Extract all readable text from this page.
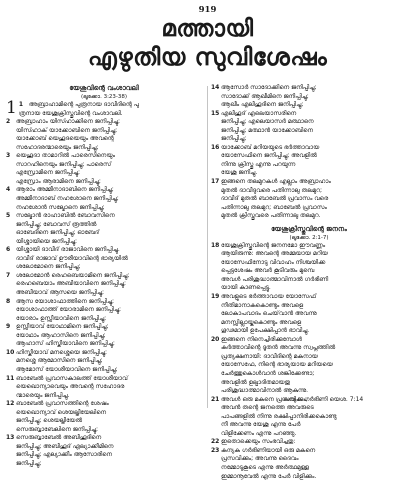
919
മത്തായി
എഴുതിയ സുവിശേഷം
യേശുവിന്റെ വംശാവലി
(ലൂക്കോ. 3:23-38)
1 1 അബ്രാഹാമിന്റെ പുത്രനായ ദാവീദിന്റെ പു
ത്രനായ യേശുക്രിസ്തുവിന്റെ വംശാവലി.
2 അബ്രാഹാം യിസ്ഹാക്കിനെ ജനിപ്പിച്ചു;
യിസ്ഹാക് യാക്കോബിനെ ജനിപ്പിച്ചു;
യാക്കോബ് യെഹൂദയെയും അവന്റെ
സഹോദരന്മാരെയും ജനിപ്പിച്ചു;
3 യെഹൂദാ താമാറിൽ പാരെസിനെയും
സാറഹിനെയും ജനിപ്പിച്ചു; പാരെസ്
എസ്രോമിനെ ജനിപ്പിച്ചു;
എസ്രോം ആരാമിനെ ജനിപ്പിച്ചു;
4 ആരാം അമ്മീനാദാബിനെ ജനിപ്പിച്ചു;
അമ്മീനാദാബ് നഹശോനെ ജനിപ്പിച്ചു;
നഹശോൻ സല്മോനെ ജനിപ്പിച്ചു;
5 സല്മോൻ രാഹാബിൽ ബോവസിനെ
ജനിപ്പിച്ചു; ബോവസ് രൂത്തിൽ
ഓബേദിനെ ജനിപ്പിച്ചു; ഓബേദ്
യിശ്ശായിയെ ജനിപ്പിച്ചു;
6 യിശ്ശായി ദാവീദ് രാജാവിനെ ജനിപ്പിച്ചു.
ദാവീദ് രാജാവ് ഊരീയാവിന്റെ ഭാര്യയിൽ
ശലോമോനെ ജനിപ്പിച്ചു;
7 ശലോമോൻ രെഹബെയാമിനെ ജനിപ്പിച്ചു;
രെഹബെയാം അബീയാവിനെ ജനിപ്പിച്ചു;
അബീയാവ് ആസയെ ജനിപ്പിച്ചു;
8 ആസ യോശാഫാത്തിനെ ജനിപ്പിച്ചു;
യോശാഫാത്ത് യോരാമിനെ ജനിപ്പിച്ചു;
യോരാം ഉസ്സീയാവിനെ ജനിപ്പിച്ചു;
9 ഉസ്സീയാവ് യോഥാമിനെ ജനിപ്പിച്ചു;
യോഥാം ആഹാസിനെ ജനിപ്പിച്ചു;
ആഹാസ് ഹിസ്കീയാവിനെ ജനിപ്പിച്ചു;
10 ഹിസ്കീയാവ് മനശ്ശെയെ ജനിപ്പിച്ചു;
മനശ്ശെ ആമോസിനെ ജനിപ്പിച്ചു;
ആമോസ് യോശീയാവിനെ ജനിപ്പിച്ചു;
11 ബാബേൽ പ്രവാസകാലത്ത് യോശീയാവ്
യെഖൊന്യാവെയും അവന്റെ സഹോദര
ന്മാരെയും ജനിപ്പിച്ചു.
12 ബാബേൽ പ്രവാസത്തിന്റെ ശേഷം
യെഖൊന്യാവ് ശെയല്തീയേലിനെ
ജനിപ്പിച്ചു; ശെയല്തീയേൽ
സെരുബ്ബാബേലിനെ ജനിപ്പിച്ചു;
13 സെരുബ്ബാബേൽ അബീഹൂദിനെ
ജനിപ്പിച്ചു; അബീഹൂദ് എല്യാക്കീമിനെ
ജനിപ്പിച്ചു; എല്യാക്കീം ആസോരിനെ
ജനിപ്പിച്ചു;
14 ആസോർ സാദോക്കിനെ ജനിപ്പിച്ചു;
സാദോക്ക് ആഖീമിനെ ജനിപ്പിച്ചു;
ആഖീം എലീഹൂദിനെ ജനിപ്പിച്ചു;
15 എലീഹൂദ് എലെയാസരിനെ
ജനിപ്പിച്ചു; എലെയാസർ മത്ഥാനെ
ജനിപ്പിച്ചു; മത്ഥാൻ യാക്കോബിനെ
ജനിപ്പിച്ചു;
16 യാക്കോബ് മറിയയുടെ ഭർത്താവായ
യോസേഫിനെ ജനിപ്പിച്ചു; അവളിൽ
നിന്നു ക്രിസ്തു എന്നു പറയുന്ന
യേശു ജനിച്ചു.
17 ഇങ്ങനെ തലമുറകൾ എല്ലാം അബ്രാഹാം
മുതൽ ദാവീദുവരെ പതിന്നാലു തലമുറ;
ദാവീദ് മുതൽ ബാബേൽ പ്രവാസം വരെ
പതിന്നാലു തലമുറ; ബാബേൽ പ്രവാസം
മുതൽ ക്രിസ്തുവരെ പതിന്നാലു തലമുറ.
യേശുക്രിസ്തുവിന്റെ ജനനം
(ലൂക്കോ. 2:1-7)
18 യേശുക്രിസ്തുവിന്റെ ജനനമോ ഈവണ്ണം
ആയിരുന്നു: അവന്റെ അമ്മയായ മറിയ
യോസേഫിനോടു വിവാഹം നിശ്ചയിക്ക
പ്പെട്ടശേഷം അവർ കൂടിവരും മുമ്പെ
അവൾ പരിശുദ്ധാത്മാവിനാൽ ഗർഭിണി
യായി കാണപ്പെട്ടു.
19 അവളുടെ ഭർത്താവായ യോസേഫ്
നീതിമാനാകകൊണ്ടും അവളെ
ലോകാപവാദം ചെയ്‌വാൻ അവന്നു
മനസ്സില്ലായ്കകൊണ്ടും അവളെ
ഗൂഢമായി ഉപേക്ഷിപ്പാൻ ഭാവിച്ചു.
20 ഇങ്ങനെ നിനെച്ചിരിക്കുമ്പോൾ
കർത്താവിന്റെ ദൂതൻ അവന്നു സ്വപ്നത്തിൽ
പ്രത്യക്ഷനായി: ദാവീദിന്റെ മകനായ
യോസേഫേ, നിന്റെ ഭാര്യയായ മറിയയെ
ചേർത്തുകൊൾവാൻ ശങ്കിക്കേണ്ടാ;
അവളിൽ ഉല്പാദിതമായതു
പരിശുദ്ധാത്മാവിനാൽ ആകുന്നു.
21 അവൾ ഒരു മകനെ പ്രസവിക്കും;
അവൻ തന്റെ ജനത്തെ അവരുടെ
പാപങ്ങളിൽ നിന്നു രക്ഷിപ്പാനിരിക്കകൊണ്ടു
നീ അവന്നു യേശു എന്നു പേർ
വിളിക്കേണം എന്നു പറഞ്ഞു.
22 ഇതൊക്കെയും സംഭവിച്ചതു:
23 കന്യക ഗർഭിണിയായി ഒരു മകനെ
പ്രസവിക്കും; അവന്നു ദൈവം
നമ്മോടുകൂടെ എന്നു അർത്ഥമുള്ള
ഇമ്മാനൂവേൽ എന്നു പേർ വിളിക്കും.
കന്യക ഗർഭിണി യെശ. 7:14
